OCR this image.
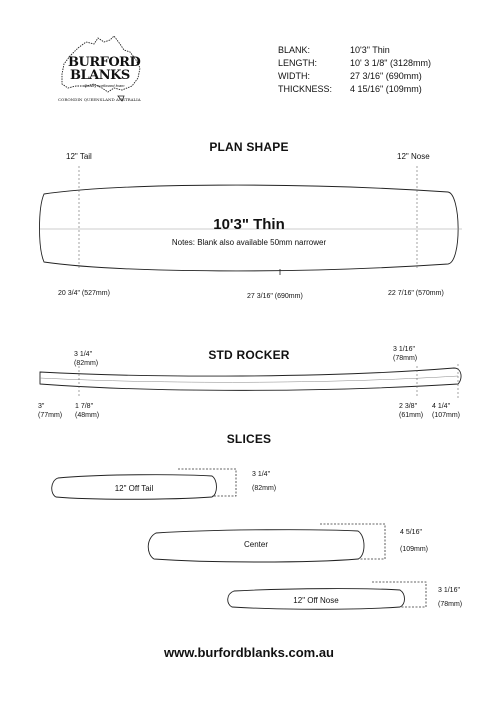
BURFORD
BLANKS
Quality surfboard foam
CORONDIN QUEENSLAND AUSTRALIA
BLANK:	10'3" Thin
LENGTH:	10' 3 1/8" (3128mm)
WIDTH:	27 3/16" (690mm)
THICKNESS:	4 15/16" (109mm)
PLAN SHAPE
12" Tail	12" Nose
10'3" Thin
Notes: Blank also available 50mm narrower
20 3/4" (527mm)	27 3/16" (690mm)	22 7/16" (570mm)
STD ROCKER
3 1/4"
(82mm)
3 1/16"
(78mm)
3"
(77mm)
1 7/8"
(48mm)
2 3/8"
(61mm)
4 1/4"
(107mm)
SLICES
12" Off Tail
3 1/4"
(82mm)
Center
4 5/16"
(109mm)
12" Off Nose
3 1/16"
(78mm)
www.burfordblanks.com.au
